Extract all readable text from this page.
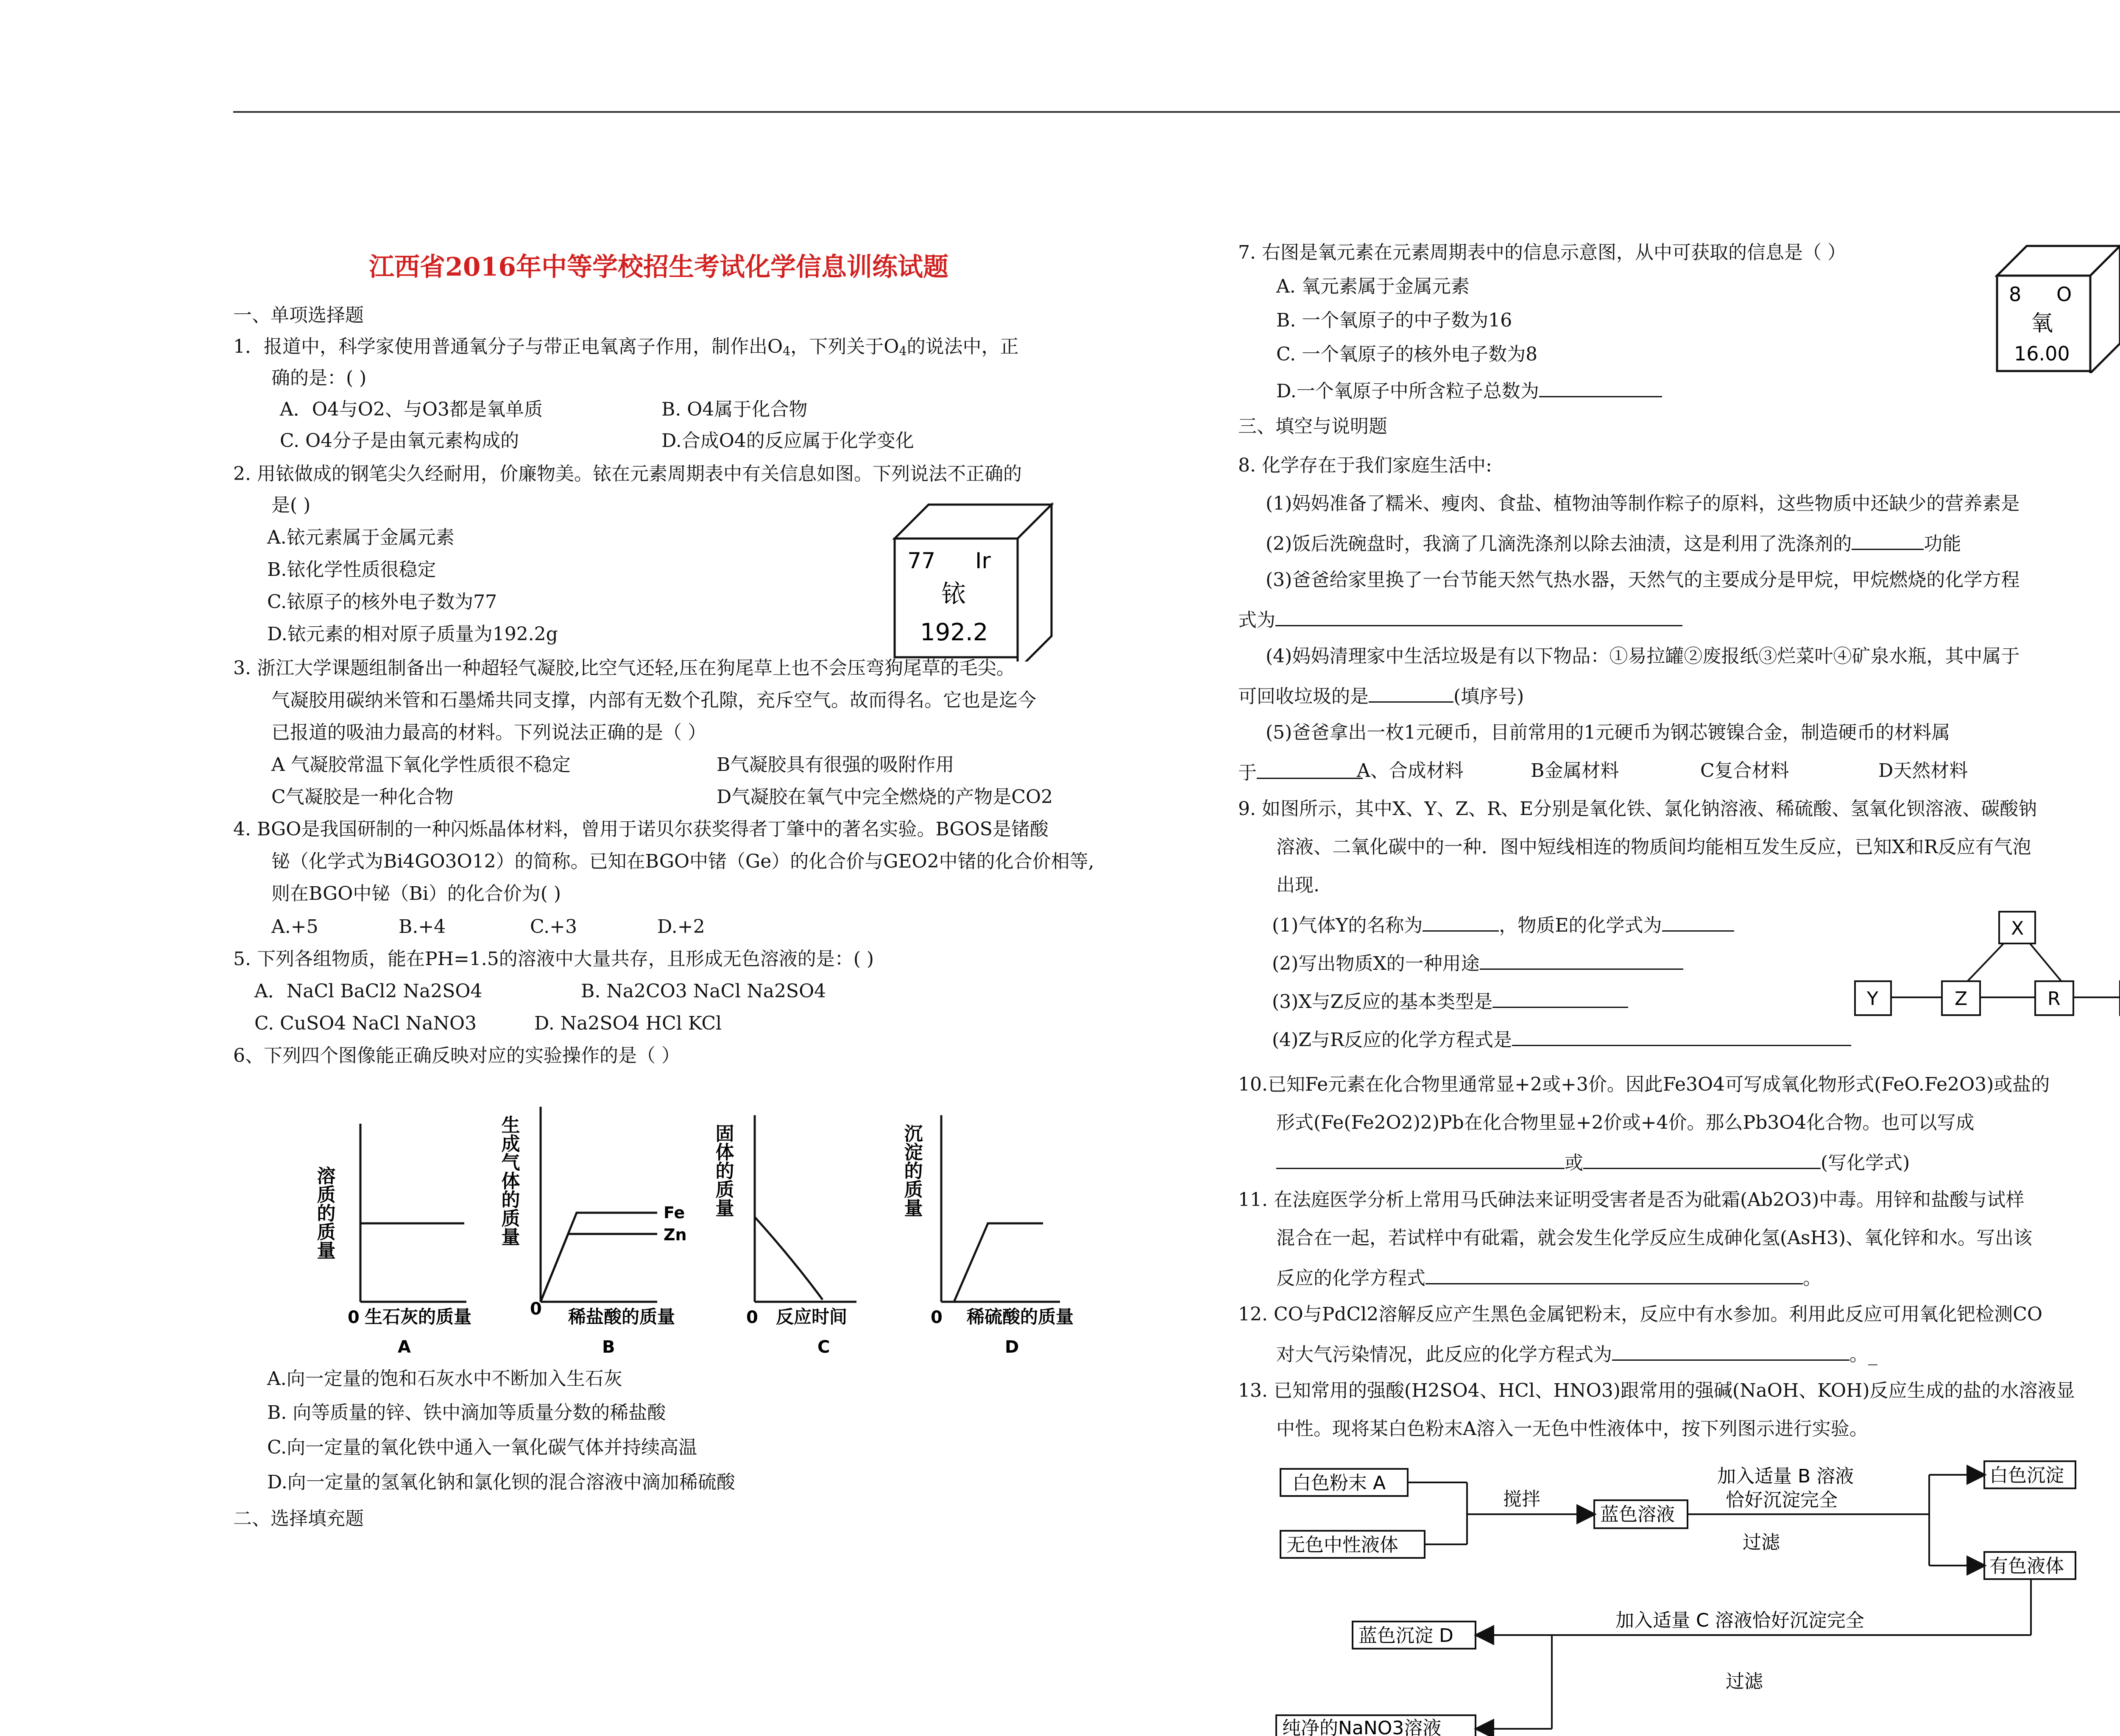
江西省2016年中等学校招生考试化学信息训练试题
一、单项选择题
1．报道中，科学家使用普通氧分子与带正电氧离子作用，制作出$O_4$，下列关于$O_4$的说法中，正
确的是：( )
A．O4与O2、与O3都是氧单质	B. O4属于化合物
C. O4分子是由氧元素构成的	D.合成O4的反应属于化学变化
2. 用铱做成的钢笔尖久经耐用，价廉物美。铱在元素周期表中有关信息如图。下列说法不正确的
是( )
A.铱元素属于金属元素
B.铱化学性质很稳定
C.铱原子的核外电子数为77
D.铱元素的相对原子质量为192.2g
77 Ir
铱
192.2
3. 浙江大学课题组制备出一种超轻气凝胶,比空气还轻,压在狗尾草上也不会压弯狗尾草的毛尖。
气凝胶用碳纳米管和石墨烯共同支撑，内部有无数个孔隙，充斥空气。故而得名。它也是迄今
已报道的吸油力最高的材料。下列说法正确的是（ ）
A 气凝胶常温下氧化学性质很不稳定	B气凝胶具有很强的吸附作用
C气凝胶是一种化合物	D气凝胶在氧气中完全燃烧的产物是CO2
4. BGO是我国研制的一种闪烁晶体材料，曾用于诺贝尔获奖得者丁肇中的著名实验。BGOS是锗酸
铋（化学式为Bi4GO3O12）的简称。已知在BGO中锗（Ge）的化合价与GEO2中锗的化合价相等,
则在BGO中铋（Bi）的化合价为( )
A.+5	B.+4	C.+3	D.+2
5. 下列各组物质，能在PH=1.5的溶液中大量共存，且形成无色溶液的是：( )
A．NaCl BaCl2 Na2SO4	B. Na2CO3 NaCl Na2SO4
C. CuSO4 NaCl NaNO3	D. Na2SO4 HCl KCl
6、下列四个图像能正确反映对应的实验操作的是（ ）
溶质的质量
0 生石灰的质量
A
Fe
Zn
生成气体的质量
0 稀盐酸的质量
B
固体的质量
0 反应时间
C
沉淀的质量
0 稀硫酸的质量
D
A.向一定量的饱和石灰水中不断加入生石灰
B. 向等质量的锌、铁中滴加等质量分数的稀盐酸
C.向一定量的氧化铁中通入一氧化碳气体并持续高温
D.向一定量的氢氧化钠和氯化钡的混合溶液中滴加稀硫酸
二、选择填充题
7. 右图是氧元素在元素周期表中的信息示意图，从中可获取的信息是（ ）
A. 氧元素属于金属元素
B. 一个氧原子的中子数为16
C. 一个氧原子的核外电子数为8
D.一个氧原子中所含粒子总数为
8 O
氧
16.00
三、填空与说明题
8. 化学存在于我们家庭生活中:
(1)妈妈准备了糯米、瘦肉、食盐、植物油等制作粽子的原料，这些物质中还缺少的营养素是
(2)饭后洗碗盘时，我滴了几滴洗涤剂以除去油渍，这是利用了洗涤剂的	功能
(3)爸爸给家里换了一台节能天然气热水器，天然气的主要成分是甲烷，甲烷燃烧的化学方程
式为
(4)妈妈清理家中生活垃圾是有以下物品：①易拉罐②废报纸③烂菜叶④矿泉水瓶，其中属于
可回收垃圾的是	(填序号)
(5)爸爸拿出一枚1元硬币，目前常用的1元硬币为钢芯镀镍合金，制造硬币的材料属
于	A、合成材料	B金属材料	C复合材料	D天然材料
9. 如图所示，其中X、Y、Z、R、E分别是氧化铁、氯化钠溶液、稀硫酸、氢氧化钡溶液、碳酸钠
溶液、二氧化碳中的一种．图中短线相连的物质间均能相互发生反应，已知X和R反应有气泡
出现.
(1)气体Y的名称为	，物质E的化学式为
(2)写出物质X的一种用途
(3)X与Z反应的基本类型是
(4)Z与R反应的化学方程式是
X
Y	Z	R
10.已知Fe元素在化合物里通常显+2或+3价。因此Fe3O4可写成氧化物形式(FeO.Fe2O3)或盐的
形式(Fe(Fe2O2)2)Pb在化合物里显+2价或+4价。那么Pb3O4化合物。也可以写成
或	(写化学式)
11. 在法庭医学分析上常用马氏砷法来证明受害者是否为砒霜(Ab2O3)中毒。用锌和盐酸与试样
混合在一起，若试样中有砒霜，就会发生化学反应生成砷化氢(AsH3)、氧化锌和水。写出该
反应的化学方程式	。
12. CO与PdCl2溶解反应产生黑色金属钯粉末，反应中有水参加。利用此反应可用氧化钯检测CO
对大气污染情况，此反应的化学方程式为	。_
13. 已知常用的强酸(H2SO4、HCl、HNO3)跟常用的强碱(NaOH、KOH)反应生成的盐的水溶液显
中性。现将某白色粉末A溶入一无色中性液体中，按下列图示进行实验。
白色粉末 A
无色中性液体
蓝色溶液
白色沉淀
有色液体
蓝色沉淀 D
纯净的NaNO3溶液
搅拌
加入适量 B 溶液
恰好沉淀完全
过滤
加入适量 C 溶液恰好沉淀完全
过滤
